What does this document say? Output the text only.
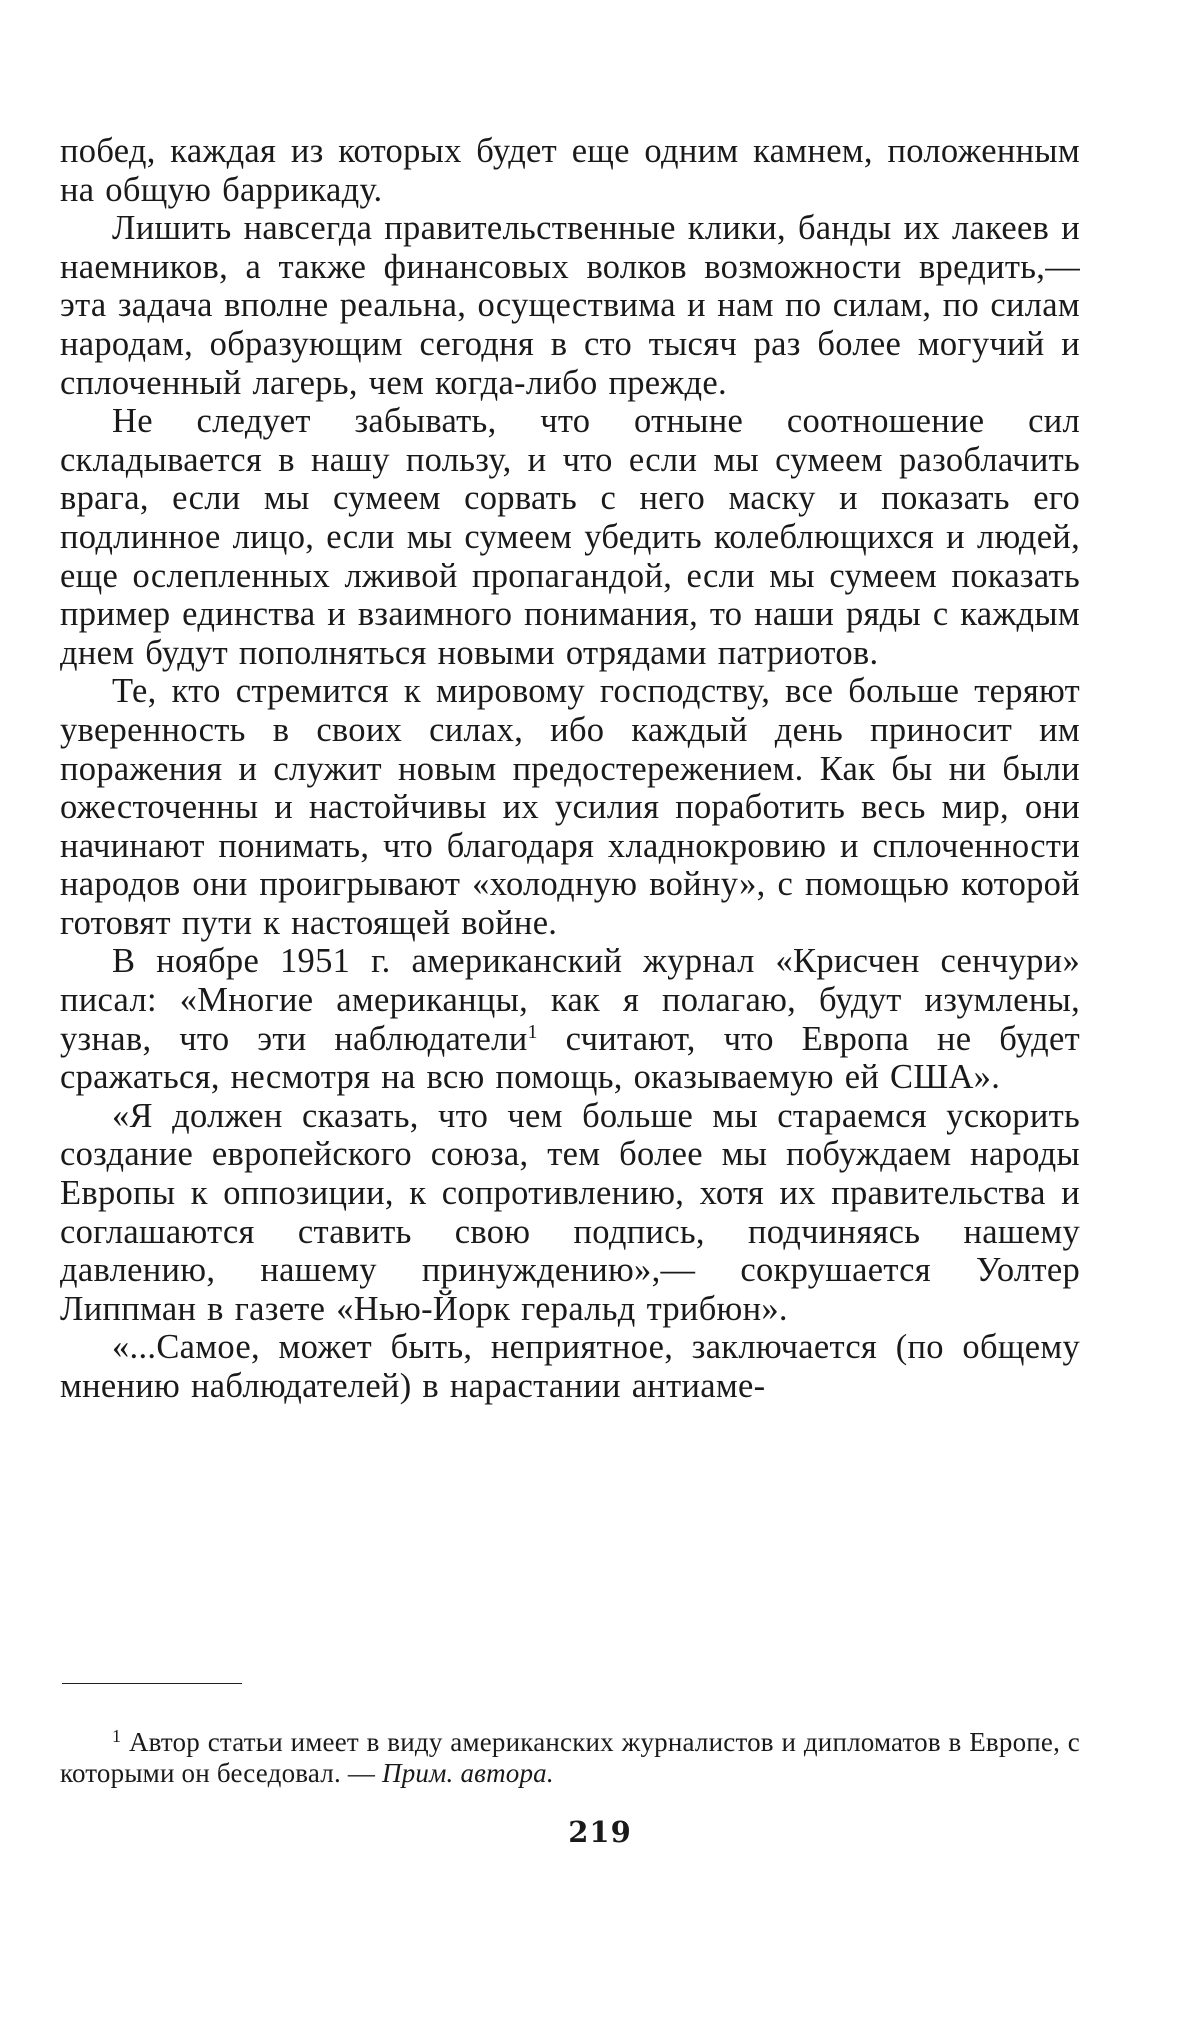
побед, каждая из которых будет еще одним камнем, положенным на общую баррикаду.

Лишить навсегда правительственные клики, банды их лакеев и наемников, а также финансовых волков возможности вредить,— эта задача вполне реальна, осуществима и нам по силам, по силам народам, образующим сегодня в сто тысяч раз более могучий и сплоченный лагерь, чем когда-либо прежде.

Не следует забывать, что отныне соотношение сил складывается в нашу пользу, и что если мы сумеем разоблачить врага, если мы сумеем сорвать с него маску и показать его подлинное лицо, если мы сумеем убедить колеблющихся и людей, еще ослепленных лживой пропагандой, если мы сумеем показать пример единства и взаимного понимания, то наши ряды с каждым днем будут пополняться новыми отрядами патриотов.

Те, кто стремится к мировому господству, все больше теряют уверенность в своих силах, ибо каждый день приносит им поражения и служит новым предостережением. Как бы ни были ожесточенны и настойчивы их усилия поработить весь мир, они начинают понимать, что благодаря хладнокровию и сплоченности народов они проигрывают «холодную войну», с помощью которой готовят пути к настоящей войне.

В ноябре 1951 г. американский журнал «Крисчен сенчури» писал: «Многие американцы, как я полагаю, будут изумлены, узнав, что эти наблюдатели$^1$ считают, что Европа не будет сражаться, несмотря на всю помощь, оказываемую ей США».

«Я должен сказать, что чем больше мы стараемся ускорить создание европейского союза, тем более мы побуждаем народы Европы к оппозиции, к сопротивлению, хотя их правительства и соглашаются ставить свою подпись, подчиняясь нашему давлению, нашему принуждению»,— сокрушается Уолтер Липпман в газете «Нью-Йорк геральд трибюн».

«...Самое, может быть, неприятное, заключается (по общему мнению наблюдателей) в нарастании антиаме-

$^1$ Автор статьи имеет в виду американских журналистов и дипломатов в Европе, с которыми он беседовал. — Прим. автора.

219
